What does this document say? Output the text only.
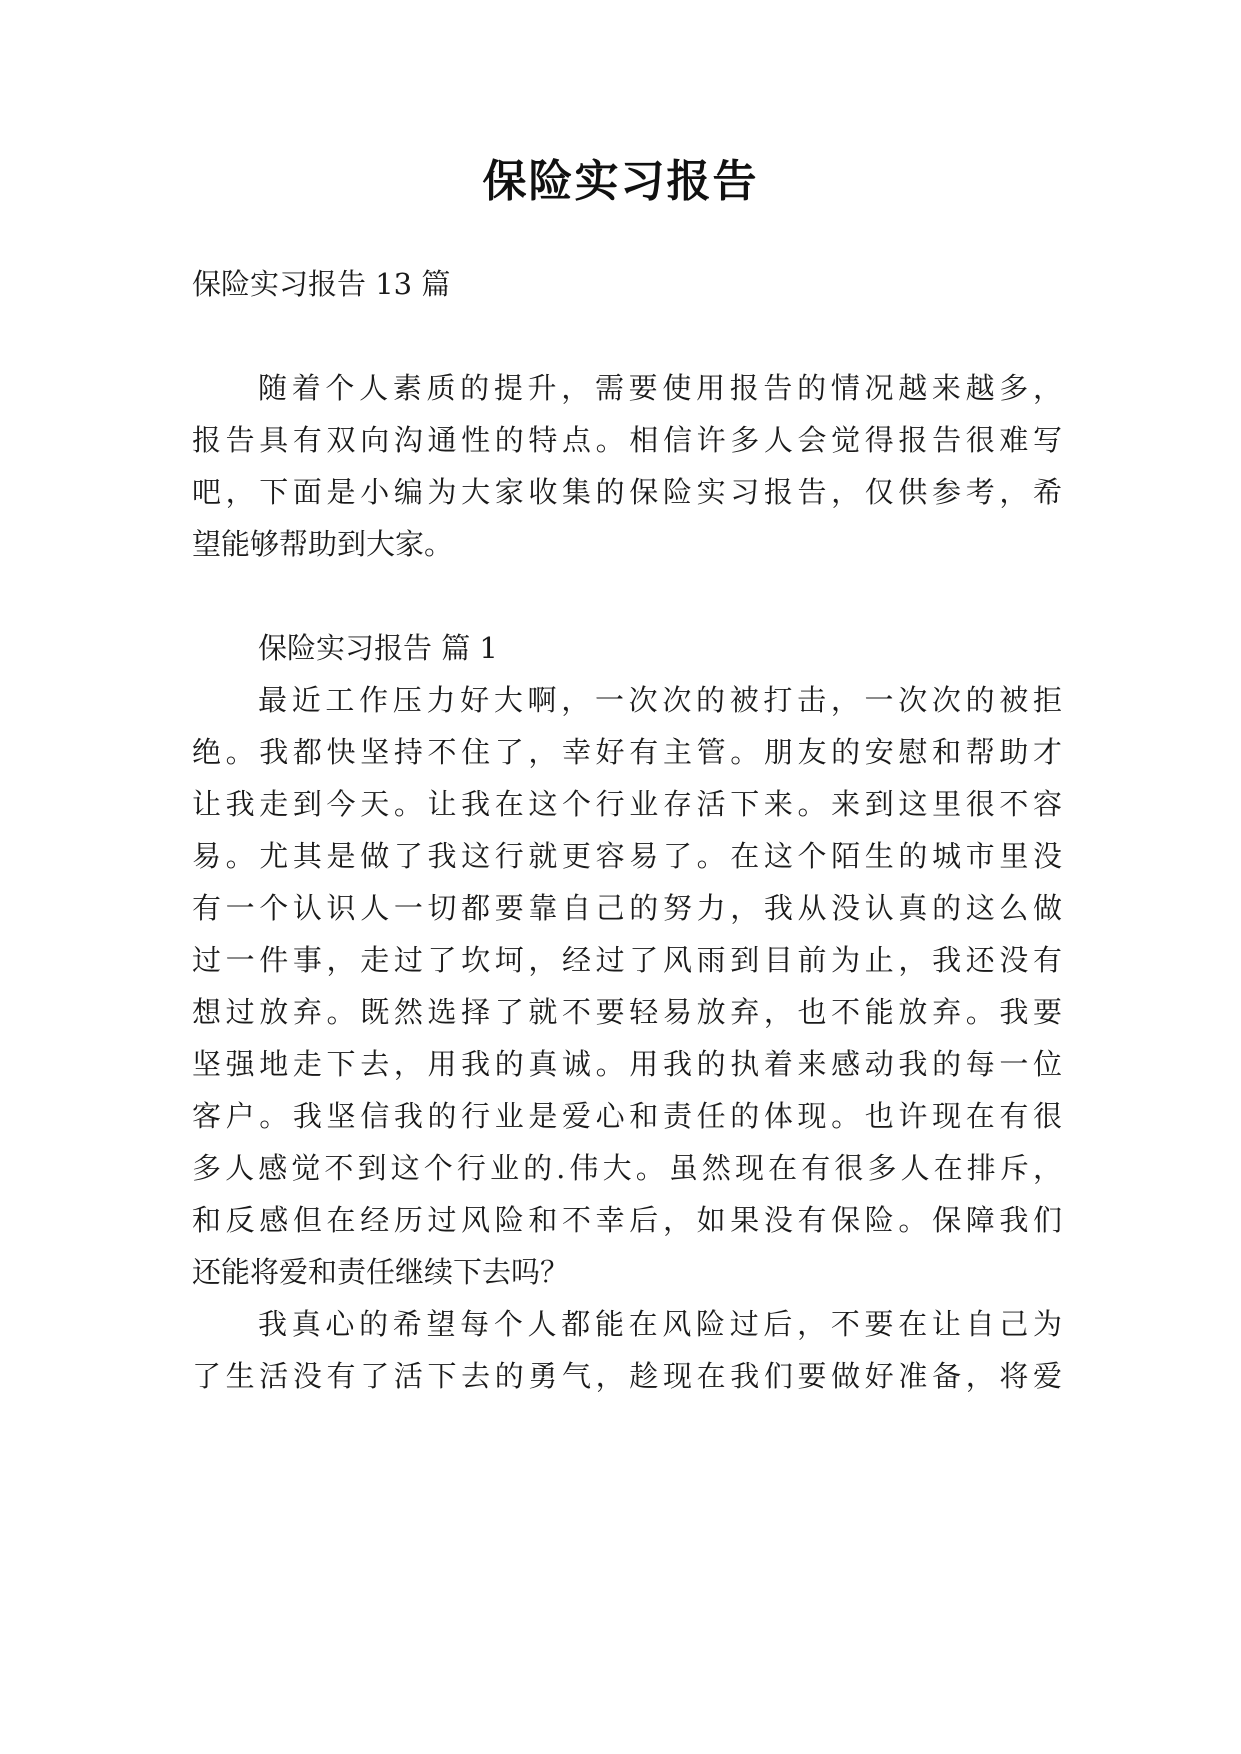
保险实习报告
保险实习报告 13 篇
随着个人素质的提升，需要使用报告的情况越来越多，
报告具有双向沟通性的特点。相信许多人会觉得报告很难写
吧，下面是小编为大家收集的保险实习报告，仅供参考，希
望能够帮助到大家。
保险实习报告 篇 1
最近工作压力好大啊，一次次的被打击，一次次的被拒
绝。我都快坚持不住了，幸好有主管。朋友的安慰和帮助才
让我走到今天。让我在这个行业存活下来。来到这里很不容
易。尤其是做了我这行就更容易了。在这个陌生的城市里没
有一个认识人一切都要靠自己的努力，我从没认真的这么做
过一件事，走过了坎坷，经过了风雨到目前为止，我还没有
想过放弃。既然选择了就不要轻易放弃，也不能放弃。我要
坚强地走下去，用我的真诚。用我的执着来感动我的每一位
客户。我坚信我的行业是爱心和责任的体现。也许现在有很
多人感觉不到这个行业的.伟大。虽然现在有很多人在排斥，
和反感但在经历过风险和不幸后，如果没有保险。保障我们
还能将爱和责任继续下去吗？
我真心的希望每个人都能在风险过后，不要在让自己为
了生活没有了活下去的勇气，趁现在我们要做好准备，将爱
